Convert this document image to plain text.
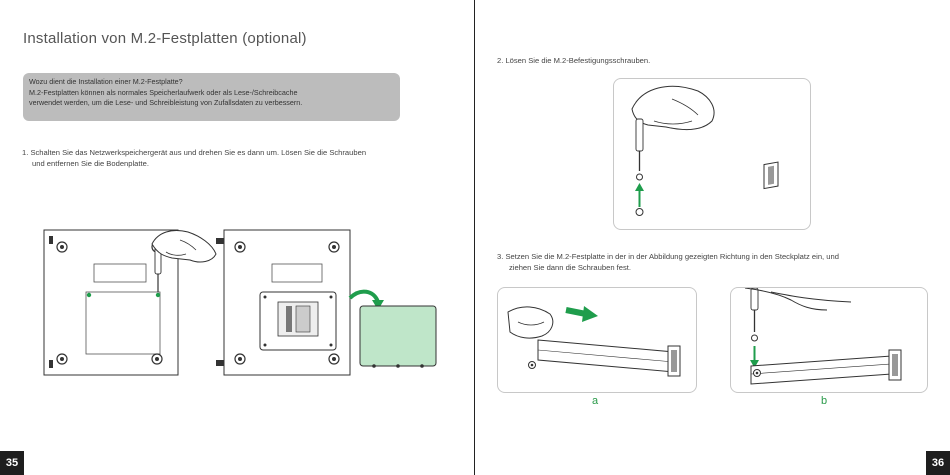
Installation von M.2-Festplatten (optional)
Wozu dient die Installation einer M.2-Festplatte?
M.2-Festplatten können als normales Speicherlaufwerk oder als Lese-/Schreibcache
verwendet werden, um die Lese- und Schreibleistung von Zufallsdaten zu verbessern.
1. Schalten Sie das Netzwerkspeichergerät aus und drehen Sie es dann um. Lösen Sie die Schrauben
und entfernen Sie die Bodenplatte.
35
2. Lösen Sie die M.2-Befestigungsschrauben.
3. Setzen Sie die M.2-Festplatte in der in der Abbildung gezeigten Richtung in den Steckplatz ein, und
ziehen Sie dann die Schrauben fest.
a	b
36
